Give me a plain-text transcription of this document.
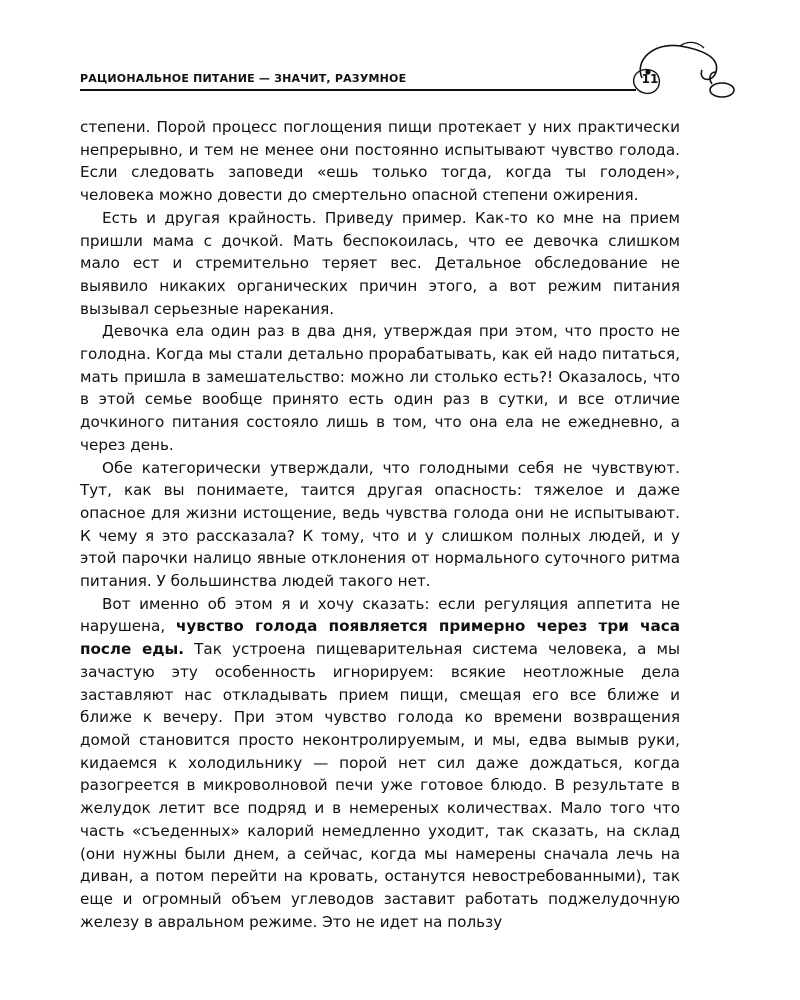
РАЦИОНАЛЬНОЕ ПИТАНИЕ — ЗНАЧИТ, РАЗУМНОЕ	11

степени. Порой процесс поглощения пищи протекает у них практически непрерывно, и тем не менее они постоянно испытывают чувство голода. Если следовать заповеди «ешь только тогда, когда ты голоден», человека можно довести до смертельно опасной степени ожирения.

Есть и другая крайность. Приведу пример. Как-то ко мне на прием пришли мама с дочкой. Мать беспокоилась, что ее девочка слишком мало ест и стремительно теряет вес. Детальное обследование не выявило никаких органических причин этого, а вот режим питания вызывал серьезные нарекания.

Девочка ела один раз в два дня, утверждая при этом, что просто не голодна. Когда мы стали детально прорабатывать, как ей надо питаться, мать пришла в замешательство: можно ли столько есть?! Оказалось, что в этой семье вообще принято есть один раз в сутки, и все отличие дочкиного питания состояло лишь в том, что она ела не ежедневно, а через день.

Обе категорически утверждали, что голодными себя не чувствуют. Тут, как вы понимаете, таится другая опасность: тяжелое и даже опасное для жизни истощение, ведь чувства голода они не испытывают. К чему я это рассказала? К тому, что и у слишком полных людей, и у этой парочки налицо явные отклонения от нормального суточного ритма питания. У большинства людей такого нет.

Вот именно об этом я и хочу сказать: если регуляция аппетита не нарушена, чувство голода появляется примерно через три часа после еды. Так устроена пищеварительная система человека, а мы зачастую эту особенность игнорируем: всякие неотложные дела заставляют нас откладывать прием пищи, смещая его все ближе и ближе к вечеру. При этом чувство голода ко времени возвращения домой становится просто неконтролируемым, и мы, едва вымыв руки, кидаемся к холодильнику — порой нет сил даже дождаться, когда разогреется в микроволновой печи уже готовое блюдо. В результате в желудок летит все подряд и в немереных количествах. Мало того что часть «съеденных» калорий немедленно уходит, так сказать, на склад (они нужны были днем, а сейчас, когда мы намерены сначала лечь на диван, а потом перейти на кровать, останутся невостребованными), так еще и огромный объем углеводов заставит работать поджелудочную железу в авральном режиме. Это не идет на пользу
